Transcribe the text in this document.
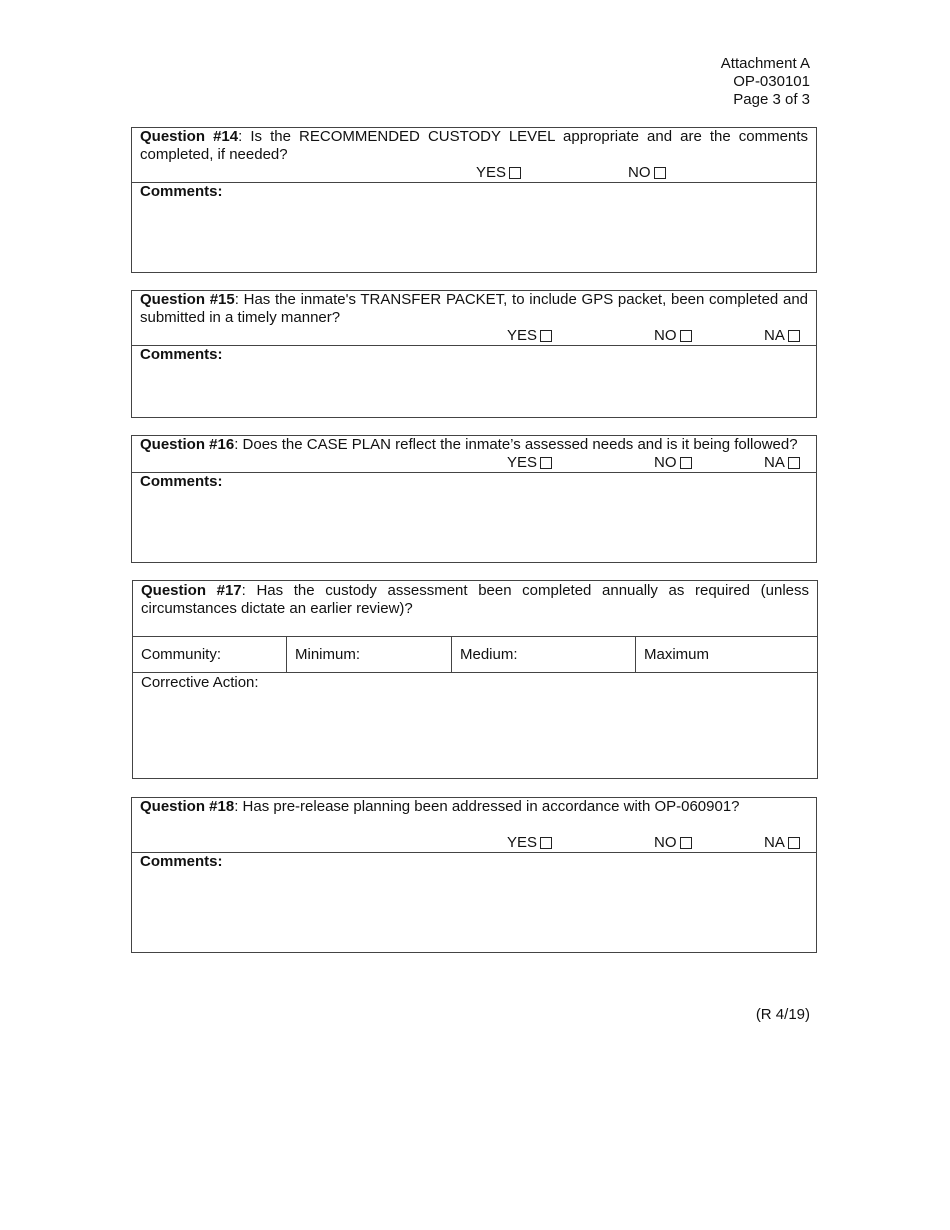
Attachment A
OP-030101
Page 3 of 3
Question #14: Is the RECOMMENDED CUSTODY LEVEL appropriate and are the comments completed, if needed?
YES	NO
Comments:
Question #15: Has the inmate's TRANSFER PACKET, to include GPS packet, been completed and submitted in a timely manner?
YES	NO	NA
Comments:
Question #16: Does the CASE PLAN reflect the inmate’s assessed needs and is it being followed?
YES	NO	NA
Comments:
Question #17: Has the custody assessment been completed annually as required (unless circumstances dictate an earlier review)?
Community:	Minimum:	Medium:	Maximum
Corrective Action:
Question #18: Has pre-release planning been addressed in accordance with OP-060901?
YES	NO	NA
Comments:
(R 4/19)
